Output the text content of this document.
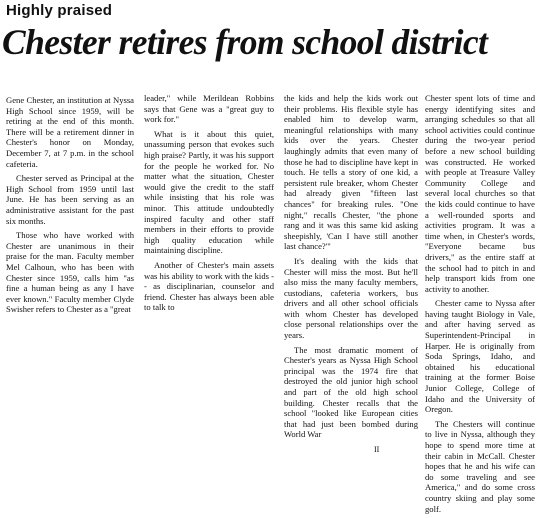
Highly praised
Chester retires from school district

Gene Chester, an institution at Nyssa High School since 1959, will be retiring at the end of this month. There will be a retirement dinner in Chester's honor on Monday, December 7, at 7 p.m. in the school cafeteria.

Chester served as Principal at the High School from 1959 until last June. He has been serving as an administrative assistant for the past six months.

Those who have worked with Chester are unanimous in their praise for the man. Faculty member Mel Calhoun, who has been with Chester since 1959, calls him "as fine a human being as any I have ever known." Faculty member Clyde Swisher refers to Chester as a "great

leader," while Merildean Robbins says that Gene was a "great guy to work for."

What is it about this quiet, unassuming person that evokes such high praise? Partly, it was his support for the people he worked for. No matter what the situation, Chester would give the credit to the staff while insisting that his role was minor. This attitude undoubtedly inspired faculty and other staff members in their efforts to provide high quality education while maintaining discipline.

Another of Chester's main assets was his ability to work with the kids -- as disciplinarian, counselor and friend. Chester has always been able to talk to

the kids and help the kids work out their problems. His flexible style has enabled him to develop warm, meaningful relationships with many kids over the years. Chester laughingly admits that even many of those he had to discipline have kept in touch. He tells a story of one kid, a persistent rule breaker, whom Chester had already given "fifteen last chances" for breaking rules. "One night," recalls Chester, "the phone rang and it was this same kid asking sheepishly, 'Can I have still another last chance?'"

It's dealing with the kids that Chester will miss the most. But he'll also miss the many faculty members, custodians, cafeteria workers, bus drivers and all other school officials with whom Chester has developed close personal relationships over the years.

The most dramatic moment of Chester's years as Nyssa High School principal was the 1974 fire that destroyed the old junior high school and part of the old high school building. Chester recalls that the school "looked like European cities that had just been bombed during World War

Chester spent lots of time and energy identifying sites and arranging schedules so that all school activities could continue during the two-year period before a new school building was constructed. He worked with people at Treasure Valley Community College and several local churches so that the kids could continue to have a well-rounded sports and activities program. It was a time when, in Chester's words, "Everyone became bus drivers," as the entire staff at the school had to pitch in and help transport kids from one activity to another.

Chester came to Nyssa after having taught Biology in Vale, and after having served as Superintendent-Principal in Harper. He is originally from Soda Springs, Idaho, and obtained his educational training at the former Boise Junior College, College of Idaho and the University of Oregon.

The Chesters will continue to live in Nyssa, although they hope to spend more time at their cabin in McCall. Chester hopes that he and his wife can do some traveling and see America," and do some cross country skiing and play some golf.

II
